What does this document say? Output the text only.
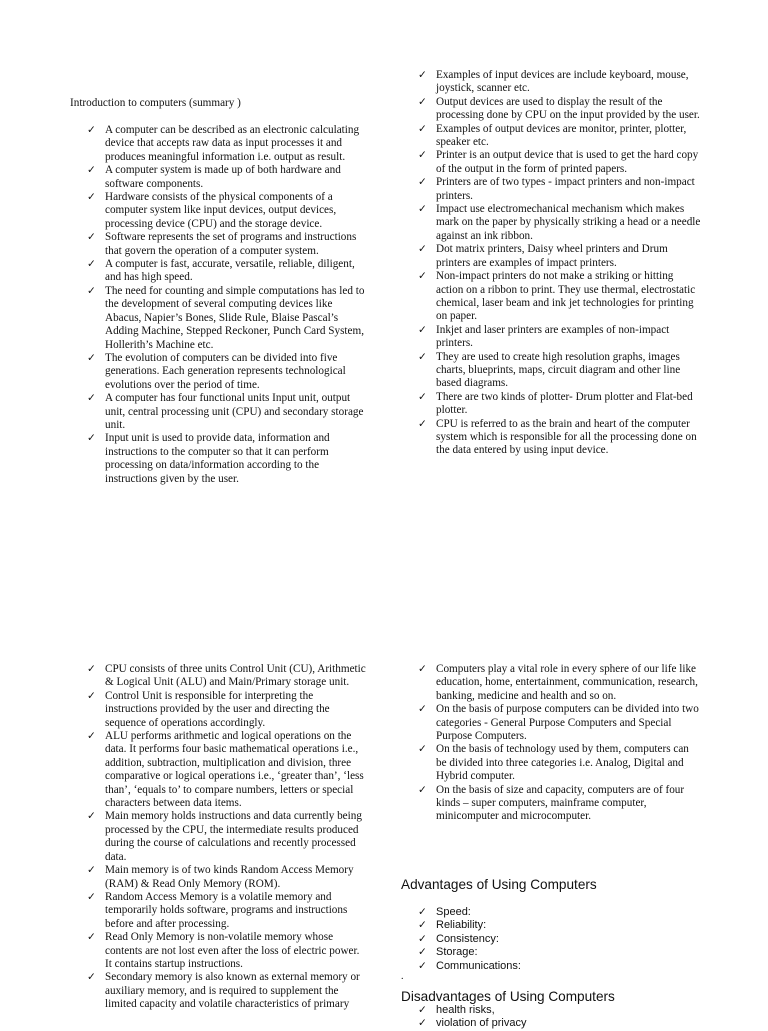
Introduction to computers (summary )
✓ A computer can be described as an electronic calculating device that accepts raw data as input processes it and produces meaningful information i.e. output as result.
✓ A computer system is made up of both hardware and software components.
✓ Hardware consists of the physical components of a computer system like input devices, output devices, processing device (CPU) and the storage device.
✓ Software represents the set of programs and instructions that govern the operation of a computer system.
✓ A computer is fast, accurate, versatile, reliable, diligent, and has high speed.
✓ The need for counting and simple computations has led to the development of several computing devices like Abacus, Napier’s Bones, Slide Rule, Blaise Pascal’s Adding Machine, Stepped Reckoner, Punch Card System, Hollerith’s Machine etc.
✓ The evolution of computers can be divided into five generations. Each generation represents technological evolutions over the period of time.
✓ A computer has four functional units Input unit, output unit, central processing unit (CPU) and secondary storage unit.
✓ Input unit is used to provide data, information and instructions to the computer so that it can perform processing on data/information according to the instructions given by the user.
✓ Examples of input devices are include keyboard, mouse, joystick, scanner etc.
✓ Output devices are used to display the result of the processing done by CPU on the input provided by the user.
✓ Examples of output devices are monitor, printer, plotter, speaker etc.
✓ Printer is an output device that is used to get the hard copy of the output in the form of printed papers.
✓ Printers are of two types - impact printers and non-impact printers.
✓ Impact use electromechanical mechanism which makes mark on the paper by physically striking a head or a needle against an ink ribbon.
✓ Dot matrix printers, Daisy wheel printers and Drum printers are examples of impact printers.
✓ Non-impact printers do not make a striking or hitting action on a ribbon to print. They use thermal, electrostatic chemical, laser beam and ink jet technologies for printing on paper.
✓ Inkjet and laser printers are examples of non-impact printers.
✓ They are used to create high resolution graphs, images charts, blueprints, maps, circuit diagram and other line based diagrams.
✓ There are two kinds of plotter- Drum plotter and Flat-bed plotter.
✓ CPU is referred to as the brain and heart of the computer system which is responsible for all the processing done on the data entered by using input device.
✓ CPU consists of three units Control Unit (CU), Arithmetic & Logical Unit (ALU) and Main/Primary storage unit.
✓ Control Unit is responsible for interpreting the instructions provided by the user and directing the sequence of operations accordingly.
✓ ALU performs arithmetic and logical operations on the data. It performs four basic mathematical operations i.e., addition, subtraction, multiplication and division, three comparative or logical operations i.e., ‘greater than’, ‘less than’, ‘equals to’ to compare numbers, letters or special characters between data items.
✓ Main memory holds instructions and data currently being processed by the CPU, the intermediate results produced during the course of calculations and recently processed data.
✓ Main memory is of two kinds Random Access Memory (RAM) & Read Only Memory (ROM).
✓ Random Access Memory is a volatile memory and temporarily holds software, programs and instructions before and after processing.
✓ Read Only Memory is non-volatile memory whose contents are not lost even after the loss of electric power. It contains startup instructions.
✓ Secondary memory is also known as external memory or auxiliary memory, and is required to supplement the limited capacity and volatile characteristics of primary
✓ Computers play a vital role in every sphere of our life like education, home, entertainment, communication, research, banking, medicine and health and so on.
✓ On the basis of purpose computers can be divided into two categories - General Purpose Computers and Special Purpose Computers.
✓ On the basis of technology used by them, computers can be divided into three categories i.e. Analog, Digital and Hybrid computer.
✓ On the basis of size and capacity, computers are of four kinds – super computers, mainframe computer, minicomputer and microcomputer.
Advantages of Using Computers
✓ Speed:
✓ Reliability:
✓ Consistency:
✓ Storage:
✓ Communications:
.
Disadvantages of Using Computers
✓ health risks,
✓ violation of privacy
